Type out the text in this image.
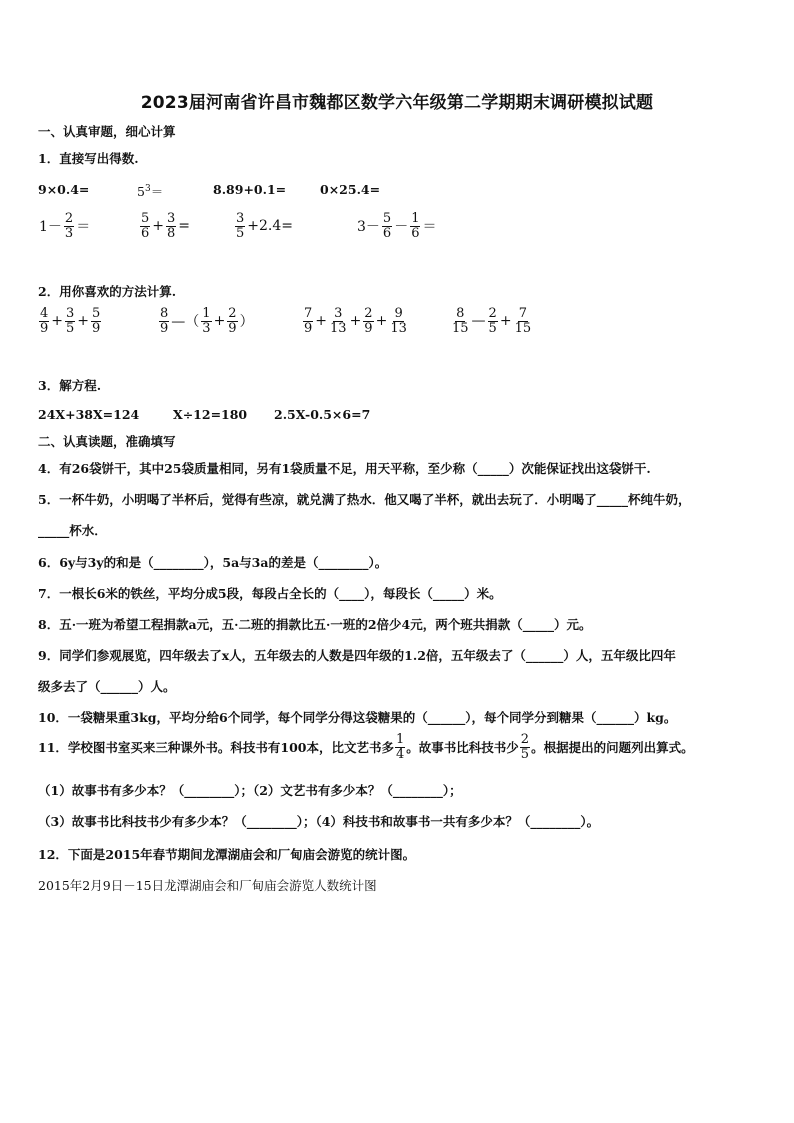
2023届河南省许昌市魏都区数学六年级第二学期期末调研模拟试题
一、认真审题，细心计算
1．直接写出得数.
9×0.4=	$5^3=$	8.89+0.1=	0×25.4=
$1- \frac{2}{3}$ ＝	$\frac{5}{6} + \frac{3}{8}$ =	$\frac{3}{5} +2.4=$	$3- \frac{5}{6} - \frac{1}{6}$ ＝
2．用你喜欢的方法计算.
$\frac{4}{9} + \frac{3}{5} + \frac{5}{9}$	$\frac{8}{9}$ —（ $\frac{1}{3} + \frac{2}{9}$ ）	$\frac{7}{9} + \frac{3}{13} + \frac{2}{9} + \frac{9}{13}$	$\frac{8}{15}$ — $\frac{2}{5} + \frac{7}{15}$
3．解方程.
24X+38X=124	X÷12=180 2.5X-0.5×6=7
二、认真读题，准确填写
4．有26袋饼干，其中25袋质量相同，另有1袋质量不足，用天平称，至少称（_____）次能保证找出这袋饼干.
5．一杯牛奶，小明喝了半杯后，觉得有些凉，就兑满了热水．他又喝了半杯，就出去玩了．小明喝了_____杯纯牛奶，
_____杯水．
6．6y与3y的和是（________），5a与3a的差是（________）。
7．一根长6米的铁丝，平均分成5段，每段占全长的（____），每段长（_____）米。
8．五·一班为希望工程捐款a元，五·二班的捐款比五·一班的2倍少4元，两个班共捐款（_____）元。
9．同学们参观展览，四年级去了x人，五年级去的人数是四年级的1.2倍，五年级去了（______）人，五年级比四年
级多去了（______）人。
10．一袋糖果重3kg，平均分给6个同学，每个同学分得这袋糖果的（______），每个同学分到糖果（______）kg。
11．学校图书室买来三种课外书。科技书有100本，比文艺书多 $\frac{1}{4}$ 。故事书比科技书少 $\frac{2}{5}$ 。根据提出的问题列出算式。
（1）故事书有多少本？（________）；（2）文艺书有多少本？（________）；
（3）故事书比科技书少有多少本？（________）；（4）科技书和故事书一共有多少本？（________）。
12．下面是2015年春节期间龙潭湖庙会和厂甸庙会游览的统计图。
2015年2月9日－15日龙潭湖庙会和厂甸庙会游览人数统计图
